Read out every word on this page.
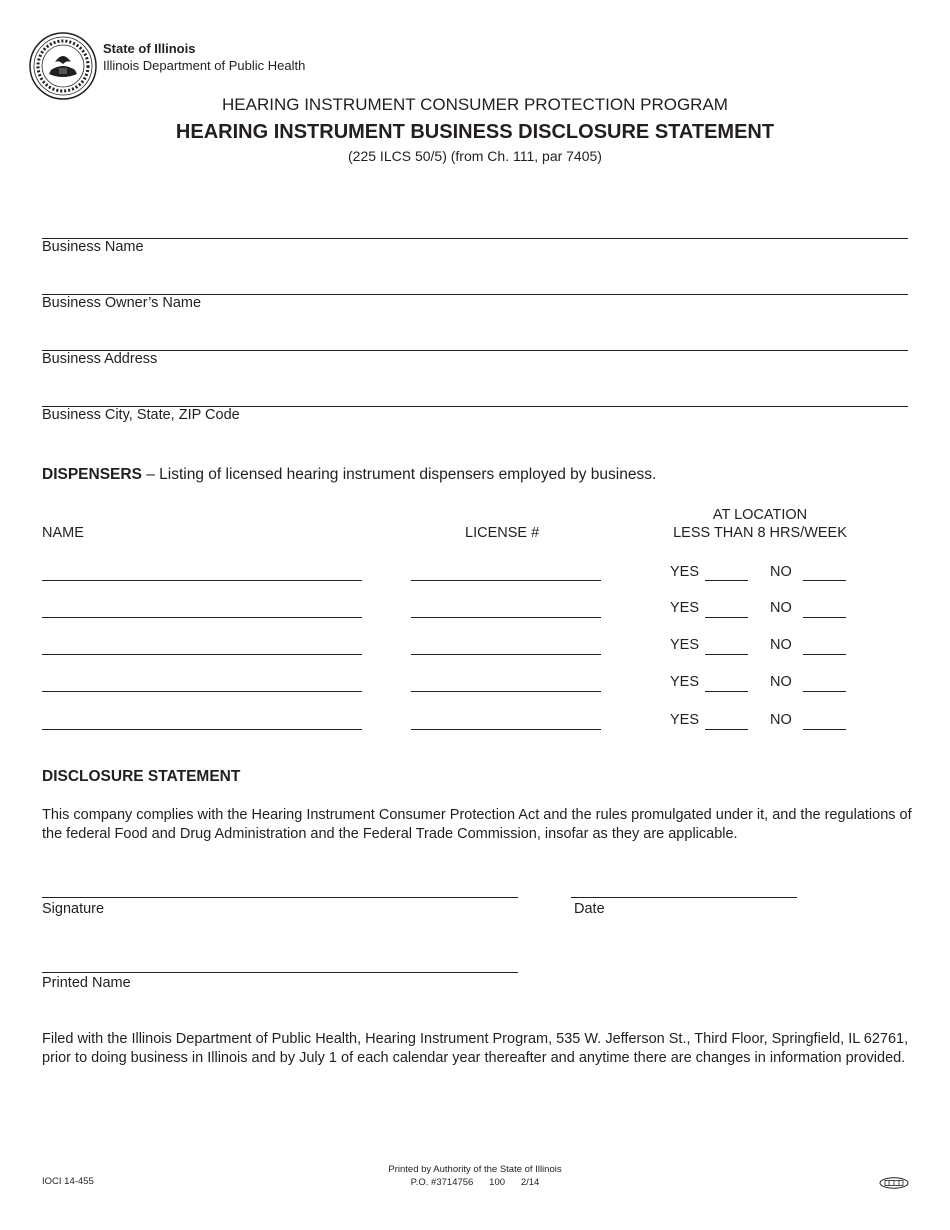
State of Illinois
Illinois Department of Public Health
HEARING INSTRUMENT CONSUMER PROTECTION PROGRAM
HEARING INSTRUMENT BUSINESS DISCLOSURE STATEMENT
(225 ILCS 50/5) (from Ch. 111, par 7405)
Business Name
Business Owner’s Name
Business Address
Business City, State, ZIP Code
DISPENSERS – Listing of licensed hearing instrument dispensers employed by business.
NAME	LICENSE #
AT LOCATION
LESS THAN 8 HRS/WEEK
YES	NO
YES	NO
YES	NO
YES	NO
YES	NO
DISCLOSURE STATEMENT
This company complies with the Hearing Instrument Consumer Protection Act and the rules promulgated under it, and the regulations of the federal Food and Drug Administration and the Federal Trade Commission, insofar as they are applicable.
Signature	Date
Printed Name
Filed with the Illinois Department of Public Health, Hearing Instrument Program, 535 W. Jefferson St., Third Floor, Springfield, IL 62761, prior to doing business in Illinois and by July 1 of each calendar year thereafter and anytime there are changes in information provided.
IOCI 14-455
Printed by Authority of the State of Illinois
P.O. #3714756      100      2/14
